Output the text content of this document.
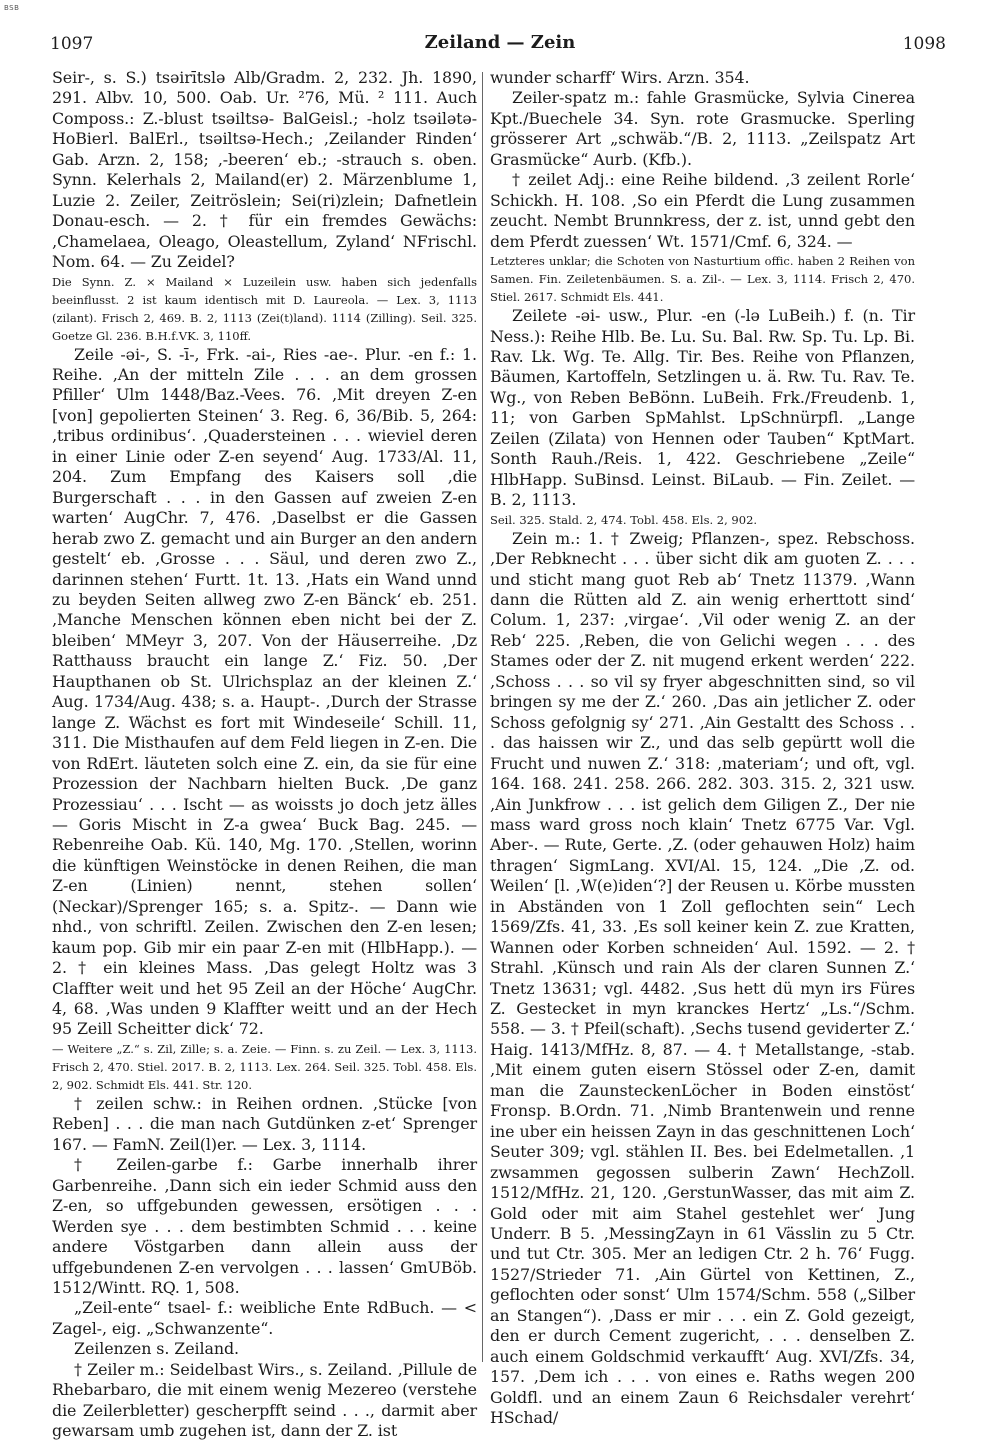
BSB
1097	Zeiland — Zein	1098

Seir-, s. S.) tsəirītslə Alb/Gradm. 2, 232. Jh. 1890, 291. Albv. 10, 500. Oab. Ur. ²76, Mü. ² 111. Auch Composs.: Z.-blust tsəiltsə- BalGeisl.; -holz tsəilətə- HoBierl. BalErl., tsəiltsə-Hech.; ‚Zeilander Rinden‘ Gab. Arzn. 2, 158; ‚-beeren‘ eb.; -strauch s. oben. Synn. Kelerhals 2, Mailand(er) 2. Märzenblume 1, Luzie 2. Zeiler, Zeitröslein; Sei(ri)zlein; Dafnetlein Donau-esch. — 2. † für ein fremdes Gewächs: ‚Chamelaea, Oleago, Oleastellum, Zyland‘ NFrischl. Nom. 64. — Zu Zeidel?

Die Synn. Z. × Mailand × Luzeilein usw. haben sich jedenfalls beeinflusst. 2 ist kaum identisch mit D. Laureola. — Lex. 3, 1113 (zilant). Frisch 2, 469. B. 2, 1113 (Zei(t)land). 1114 (Zilling). Seil. 325. Goetze Gl. 236. B.H.f.VK. 3, 110ff.

Zeile -əi-, S. -ī-, Frk. -ai-, Ries -ae-. Plur. -en f.: 1. Reihe. ‚An der mitteln Zile . . . an dem grossen Pfiller‘ Ulm 1448/Baz.-Vees. 76. ‚Mit dreyen Z-en [von] gepolierten Steinen‘ 3. Reg. 6, 36/Bib. 5, 264: ‚tribus ordinibus‘. ‚Quadersteinen . . . wieviel deren in einer Linie oder Z-en seyend‘ Aug. 1733/Al. 11, 204. Zum Empfang des Kaisers soll ‚die Burgerschaft . . . in den Gassen auf zweien Z-en warten‘ AugChr. 7, 476. ‚Daselbst er die Gassen herab zwo Z. gemacht und ain Burger an den andern gestelt‘ eb. ‚Grosse . . . Säul, und deren zwo Z., darinnen stehen‘ Furtt. 1t. 13. ‚Hats ein Wand unnd zu beyden Seiten allweg zwo Z-en Bänck‘ eb. 251. ‚Manche Menschen können eben nicht bei der Z. bleiben‘ MMeyr 3, 207. Von der Häuserreihe. ‚Dz Ratthauss braucht ein lange Z.‘ Fiz. 50. ‚Der Haupthanen ob St. Ulrichsplaz an der kleinen Z.‘ Aug. 1734/Aug. 438; s. a. Haupt-. ‚Durch der Strasse lange Z. Wächst es fort mit Windeseile‘ Schill. 11, 311. Die Misthaufen auf dem Feld liegen in Z-en. Die von RdErt. läuteten solch eine Z. ein, da sie für eine Prozession der Nachbarn hielten Buck. ‚De ganz Prozessiau‘ . . . Ischt — as woissts jo doch jetz älles — Goris Mischt in Z-a gwea‘ Buck Bag. 245. — Rebenreihe Oab. Kü. 140, Mg. 170. ‚Stellen, worinn die künftigen Weinstöcke in denen Reihen, die man Z-en (Linien) nennt, stehen sollen‘ (Neckar)/Sprenger 165; s. a. Spitz-. — Dann wie nhd., von schriftl. Zeilen. Zwischen den Z-en lesen; kaum pop. Gib mir ein paar Z-en mit (HlbHapp.). — 2. † ein kleines Mass. ‚Das gelegt Holtz was 3 Claffter weit und het 95 Zeil an der Höche‘ AugChr. 4, 68. ‚Was unden 9 Klaffter weitt und an der Hech 95 Zeill Scheitter dick‘ 72.

— Weitere „Z.“ s. Zil, Zille; s. a. Zeie. — Finn. s. zu Zeil. — Lex. 3, 1113. Frisch 2, 470. Stiel. 2017. B. 2, 1113. Lex. 264. Seil. 325. Tobl. 458. Els. 2, 902. Schmidt Els. 441. Str. 120.

† zeilen schw.: in Reihen ordnen. ‚Stücke [von Reben] . . . die man nach Gutdünken z-et‘ Sprenger 167. — FamN. Zeil(l)er. — Lex. 3, 1114.

† Zeilen-garbe f.: Garbe innerhalb ihrer Garbenreihe. ‚Dann sich ein ieder Schmid auss den Z-en, so uffgebunden gewessen, ersötigen . . . Werden sye . . . dem bestimbten Schmid . . . keine andere Vöstgarben dann allein auss der uffgebundenen Z-en vervolgen . . . lassen‘ GmUBöb. 1512/Wintt. RQ. 1, 508.

„Zeil-ente“ tsael- f.: weibliche Ente RdBuch. — < Zagel-, eig. „Schwanzente“.

Zeilenzen s. Zeiland.

† Zeiler m.: Seidelbast Wirs., s. Zeiland. ‚Pillule de Rhebarbaro, die mit einem wenig Mezereo (verstehe die Zeilerbletter) gescherpfft seind . . ., darmit aber gewarsam umb zugehen ist, dann der Z. ist

wunder scharff‘ Wirs. Arzn. 354.

Zeiler-spatz m.: fahle Grasmücke, Sylvia Cinerea Kpt./Buechele 34. Syn. rote Grasmucke. Sperling grösserer Art „schwäb.“/B. 2, 1113. „Zeilspatz Art Grasmücke“ Aurb. (Kfb.).

† zeilet Adj.: eine Reihe bildend. ‚3 zeilent Rorle‘ Schickh. H. 108. ‚So ein Pferdt die Lung zusammen zeucht. Nembt Brunnkress, der z. ist, unnd gebt den dem Pferdt zuessen‘ Wt. 1571/Cmf. 6, 324. —

Letzteres unklar; die Schoten von Nasturtium offic. haben 2 Reihen von Samen. Fin. Zeiletenbäumen. S. a. Zil-. — Lex. 3, 1114. Frisch 2, 470. Stiel. 2617. Schmidt Els. 441.

Zeilete -əi- usw., Plur. -en (-lə LuBeih.) f. (n. Tir Ness.): Reihe Hlb. Be. Lu. Su. Bal. Rw. Sp. Tu. Lp. Bi. Rav. Lk. Wg. Te. Allg. Tir. Bes. Reihe von Pflanzen, Bäumen, Kartoffeln, Setzlingen u. ä. Rw. Tu. Rav. Te. Wg., von Reben BeBönn. LuBeih. Frk./Freudenb. 1, 11; von Garben SpMahlst. LpSchnürpfl. „Lange Zeilen (Zilata) von Hennen oder Tauben“ KptMart. Sonth Rauh./Reis. 1, 422. Geschriebene „Zeile“ HlbHapp. SuBinsd. Leinst. BiLaub. — Fin. Zeilet. — B. 2, 1113.

Seil. 325. Stald. 2, 474. Tobl. 458. Els. 2, 902.

Zein m.: 1. † Zweig; Pflanzen-, spez. Rebschoss. ‚Der Rebknecht . . . über sicht dik am guoten Z. . . . und sticht mang guot Reb ab‘ Tnetz 11379. ‚Wann dann die Rütten ald Z. ain wenig erherttott sind‘ Colum. 1, 237: ‚virgae‘. ‚Vil oder wenig Z. an der Reb‘ 225. ‚Reben, die von Gelichi wegen . . . des Stames oder der Z. nit mugend erkent werden‘ 222. ‚Schoss . . . so vil sy fryer abgeschnitten sind, so vil bringen sy me der Z.‘ 260. ‚Das ain jetlicher Z. oder Schoss gefolgnig sy‘ 271. ‚Ain Gestaltt des Schoss . . . das haissen wir Z., und das selb gepürtt woll die Frucht und nuwen Z.‘ 318: ‚materiam‘; und oft, vgl. 164. 168. 241. 258. 266. 282. 303. 315. 2, 321 usw. ‚Ain Junkfrow . . . ist gelich dem Giligen Z., Der nie mass ward gross noch klain‘ Tnetz 6775 Var. Vgl. Aber-. — Rute, Gerte. ‚Z. (oder gehauwen Holz) haim thragen‘ SigmLang. XVI/Al. 15, 124. „Die ‚Z. od. Weilen‘ [l. ‚W(e)iden‘?] der Reusen u. Körbe mussten in Abständen von 1 Zoll geflochten sein“ Lech 1569/Zfs. 41, 33. ‚Es soll keiner kein Z. zue Kratten, Wannen oder Korben schneiden‘ Aul. 1592. — 2. † Strahl. ‚Künsch und rain Als der claren Sunnen Z.‘ Tnetz 13631; vgl. 4482. ‚Sus hett dü myn irs Füres Z. Gestecket in myn kranckes Hertz‘ „Ls.“/Schm. 558. — 3. † Pfeil(schaft). ‚Sechs tusend geviderter Z.‘ Haig. 1413/MfHz. 8, 87. — 4. † Metallstange, -stab. ‚Mit einem guten eisern Stössel oder Z-en, damit man die ZaunsteckenLöcher in Boden einstöst‘ Fronsp. B.Ordn. 71. ‚Nimb Brantenwein und renne ine uber ein heissen Zayn in das geschnittenen Loch‘ Seuter 309; vgl. stählen II. Bes. bei Edelmetallen. ‚1 zwsammen gegossen sulberin Zawn‘ HechZoll. 1512/MfHz. 21, 120. ‚GerstunWasser, das mit aim Z. Gold oder mit aim Stahel gestehlet wer‘ Jung Underr. B 5. ‚MessingZayn in 61 Vässlin zu 5 Ctr. und tut Ctr. 305. Mer an ledigen Ctr. 2 h. 76‘ Fugg. 1527/Strieder 71. ‚Ain Gürtel von Kettinen, Z., geflochten oder sonst‘ Ulm 1574/Schm. 558 („Silber an Stangen“). ‚Dass er mir . . . ein Z. Gold gezeigt, den er durch Cement zugericht, . . . denselben Z. auch einem Goldschmid verkaufft‘ Aug. XVI/Zfs. 34, 157. ‚Dem ich . . . von eines e. Raths wegen 200 Goldfl. und an einem Zaun 6 Reichsdaler verehrt‘ HSchad/
